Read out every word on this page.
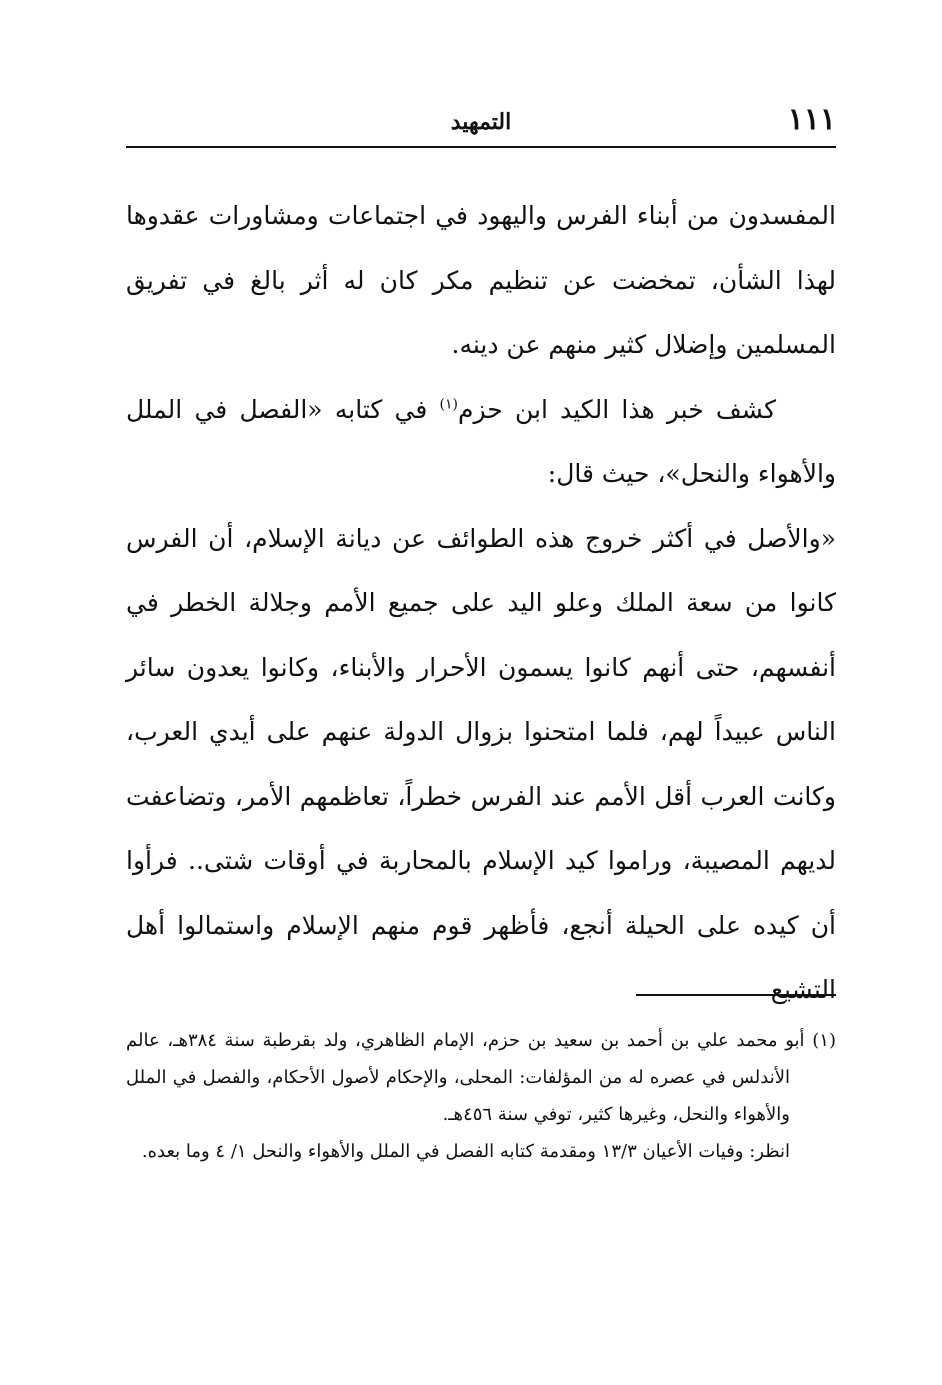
١١١
التمهيد

المفسدون من أبناء الفرس واليهود في اجتماعات ومشاورات عقدوها لهذا الشأن، تمخضت عن تنظيم مكر كان له أثر بالغ في تفريق المسلمين وإضلال كثير منهم عن دينه.

كشف خبر هذا الكيد ابن حزم$^{(١)}$ في كتابه «الفصل في الملل والأهواء والنحل»، حيث قال:

«والأصل في أكثر خروج هذه الطوائف عن ديانة الإسلام، أن الفرس كانوا من سعة الملك وعلو اليد على جميع الأمم وجلالة الخطر في أنفسهم، حتى أنهم كانوا يسمون الأحرار والأبناء، وكانوا يعدون سائر الناس عبيداً لهم، فلما امتحنوا بزوال الدولة عنهم على أيدي العرب، وكانت العرب أقل الأمم عند الفرس خطراً، تعاظمهم الأمر، وتضاعفت لديهم المصيبة، وراموا كيد الإسلام بالمحاربة في أوقات شتى.. فرأوا أن كيده على الحيلة أنجع، فأظهر قوم منهم الإسلام واستمالوا أهل التشيع

(١) أبو محمد علي بن أحمد بن سعيد بن حزم، الإمام الظاهري، ولد بقرطبة سنة ٣٨٤هـ، عالم الأندلس في عصره له من المؤلفات: المحلى، والإحكام لأصول الأحكام، والفصل في الملل والأهواء والنحل، وغيرها كثير، توفي سنة ٤٥٦هـ.

انظر: وفيات الأعيان ١٣/٣ ومقدمة كتابه الفصل في الملل والأهواء والنحل ١/ ٤ وما بعده.
